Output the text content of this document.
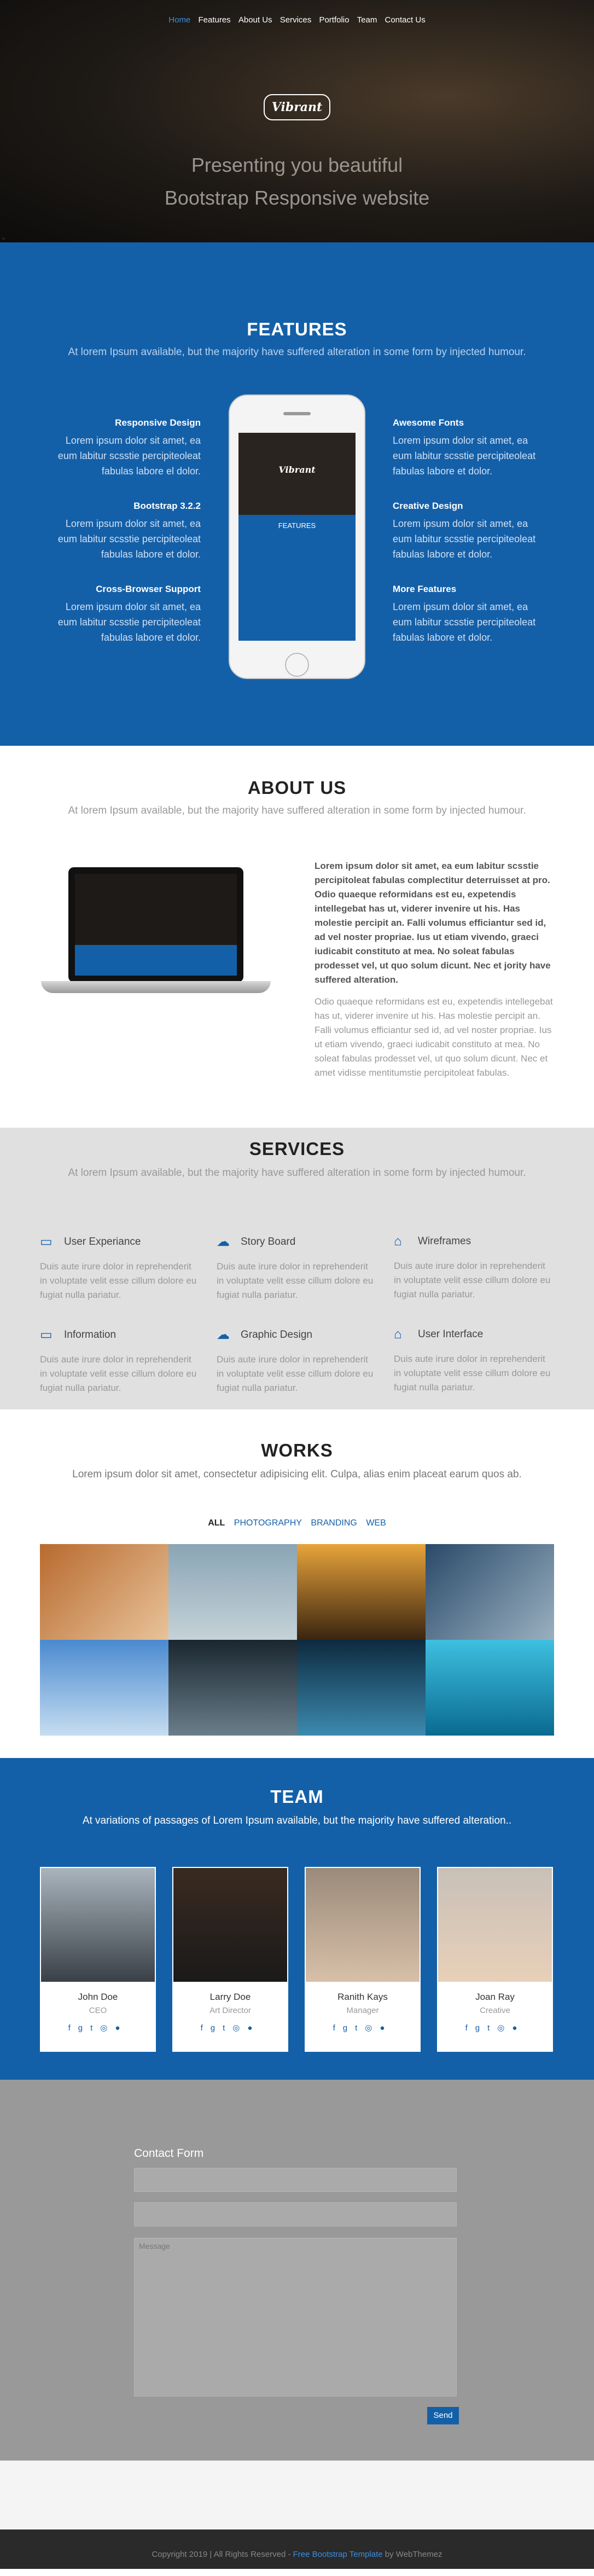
Home Features About Us Services Portfolio Team Contact Us
Vibrant
Presenting you beautiful
Bootstrap Responsive website
⌄
FEATURES
At lorem Ipsum available, but the majority have suffered alteration in some form by injected humour.
Responsive Design

Lorem ipsum dolor sit amet, ea eum labitur scsstie percipiteoleat fabulas labore el dolor.

Bootstrap 3.2.2

Lorem ipsum dolor sit amet, ea eum labitur scsstie percipiteoleat fabulas labore et dolor.

Cross-Browser Support

Lorem ipsum dolor sit amet, ea eum labitur scsstie percipiteoleat fabulas labore et dolor.

Awesome Fonts

Lorem ipsum dolor sit amet, ea eum labitur scsstie percipiteoleat fabulas labore et dolor.

Creative Design

Lorem ipsum dolor sit amet, ea eum labitur scsstie percipiteoleat fabulas labore et dolor.

More Features

Lorem ipsum dolor sit amet, ea eum labitur scsstie percipiteoleat fabulas labore et dolor.

Vibrant
FEATURES
ABOUT US
At lorem Ipsum available, but the majority have suffered alteration in some form by injected humour.

Lorem ipsum dolor sit amet, ea eum labitur scsstie percipitoleat fabulas complectitur deterruisset at pro. Odio quaeque reformidans est eu, expetendis intellegebat has ut, viderer invenire ut his. Has molestie percipit an. Falli volumus efficiantur sed id, ad vel noster propriae. Ius ut etiam vivendo, graeci iudicabit constituto at mea. No soleat fabulas prodesset vel, ut quo solum dicunt. Nec et jority have suffered alteration.

Odio quaeque reformidans est eu, expetendis intellegebat has ut, viderer invenire ut his. Has molestie percipit an. Falli volumus efficiantur sed id, ad vel noster propriae. Ius ut etiam vivendo, graeci iudicabit constituto at mea. No soleat fabulas prodesset vel, ut quo solum dicunt. Nec et amet vidisse mentitumstie percipitoleat fabulas.

SERVICES
At lorem Ipsum available, but the majority have suffered alteration in some form by injected humour.
▭	User Experiance

Duis aute irure dolor in reprehenderit in voluptate velit esse cillum dolore eu fugiat nulla pariatur.

☁	Story Board

Duis aute irure dolor in reprehenderit in voluptate velit esse cillum dolore eu fugiat nulla pariatur.

⌂	Wireframes

Duis aute irure dolor in reprehenderit in voluptate velit esse cillum dolore eu fugiat nulla pariatur.

▭	Information

Duis aute irure dolor in reprehenderit in voluptate velit esse cillum dolore eu fugiat nulla pariatur.

☁	Graphic Design

Duis aute irure dolor in reprehenderit in voluptate velit esse cillum dolore eu fugiat nulla pariatur.

⌂	User Interface

Duis aute irure dolor in reprehenderit in voluptate velit esse cillum dolore eu fugiat nulla pariatur.

WORKS
Lorem ipsum dolor sit amet, consectetur adipisicing elit. Culpa, alias enim placeat earum quos ab.
ALL PHOTOGRAPHY BRANDING WEB
TEAM
At variations of passages of Lorem Ipsum available, but the majority have suffered alteration..
John Doe
CEO
fgt◎●
Larry Doe
Art Director
fgt◎●
Ranith Kays
Manager
fgt◎●
Joan Ray
Creative
fgt◎●
Contact Form
Message
Send

Copyright 2019 | All Rights Reserved - Free Bootstrap Template by WebThemez
